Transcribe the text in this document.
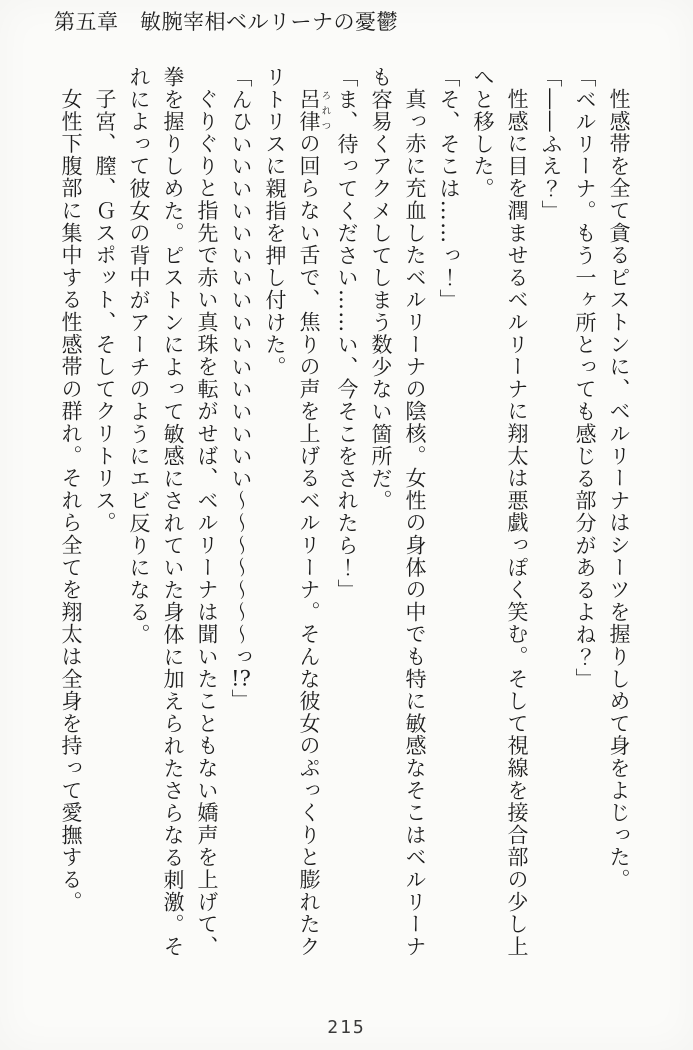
第五章　敏腕宰相ベルリーナの憂鬱

性感帯を全て貪るピストンに、ベルリーナはシーツを握りしめて身をよじった。

「ベルリーナ。もう一ヶ所とっても感じる部分があるよね？」

「――ふえ？」

性感に目を潤ませるベルリーナに翔太は悪戯っぽく笑む。そして視線を接合部の少し上へと移した。

「そ、そこは……っ！」

真っ赤に充血したベルリーナの陰核。女性の身体の中でも特に敏感なそこはベルリーナも容易くアクメしてしまう数少ない箇所だ。

「ま、待ってください……い、今そこをされたら！」

呂律ろれつの回らない舌で、焦りの声を上げるベルリーナ。そんな彼女のぷっくりと膨れたクリトリスに親指を押し付けた。

「んひいいいいいいいいいいいいいいいい～～～～～～～っ!?」

ぐりぐりと指先で赤い真珠を転がせば、ベルリーナは聞いたこともない嬌声を上げて、拳を握りしめた。ピストンによって敏感にされていた身体に加えられたさらなる刺激。それによって彼女の背中がアーチのようにエビ反りになる。

子宮、膣、Ｇスポット、そしてクリトリス。

女性下腹部に集中する性感帯の群れ。それら全てを翔太は全身を持って愛撫する。

215
